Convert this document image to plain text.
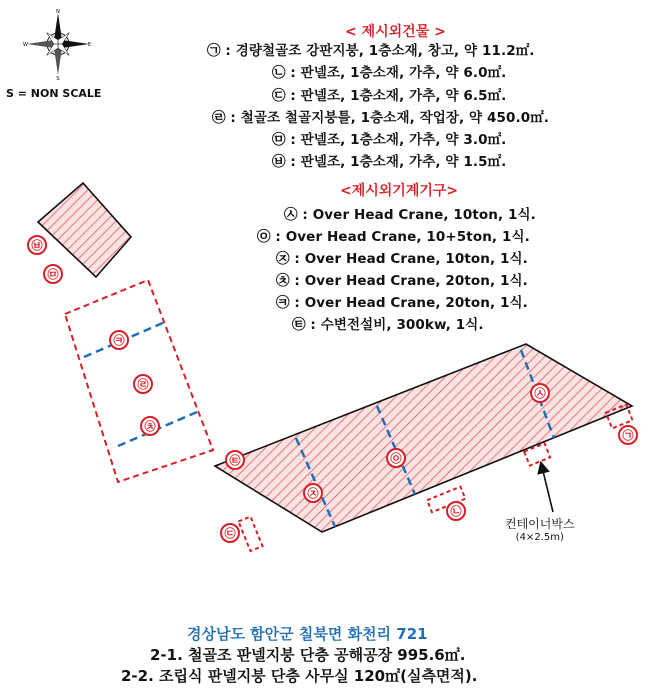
N
S
W	E
S = NON SCALE
< 제시외건물 >
㉠ : 경량철골조 강판지붕, 1층소재, 창고, 약 11.2㎡.
㉡ : 판넬조, 1층소재, 가추, 약 6.0㎡.
㉢ : 판넬조, 1층소재, 가추, 약 6.5㎡.
㉣ : 철골조 철골지붕틀, 1층소재, 작업장, 약 450.0㎡.
㉤ : 판넬조, 1층소재, 가추, 약 3.0㎡.
㉥ : 판넬조, 1층소재, 가추, 약 1.5㎡.
<제시외기계기구>
㉦ : Over Head Crane, 10ton, 1식.
㉧ : Over Head Crane, 10+5ton, 1식.
㉨ : Over Head Crane, 10ton, 1식.
㉩ : Over Head Crane, 20ton, 1식.
㉪ : Over Head Crane, 20ton, 1식.
㉫ : 수변전설비, 300kw, 1식.
㉥
㉤
㉪
㉣
㉩
㉫
㉨
㉧
㉦
㉠
㉡
㉢
컨테이너박스
(4×2.5m)
경상남도 함안군 칠북면 화천리 721
2-1. 철골조 판넬지붕 단층 공해공장 995.6㎡.
2-2. 조립식 판넬지붕 단층 사무실 120㎡(실측면적).
